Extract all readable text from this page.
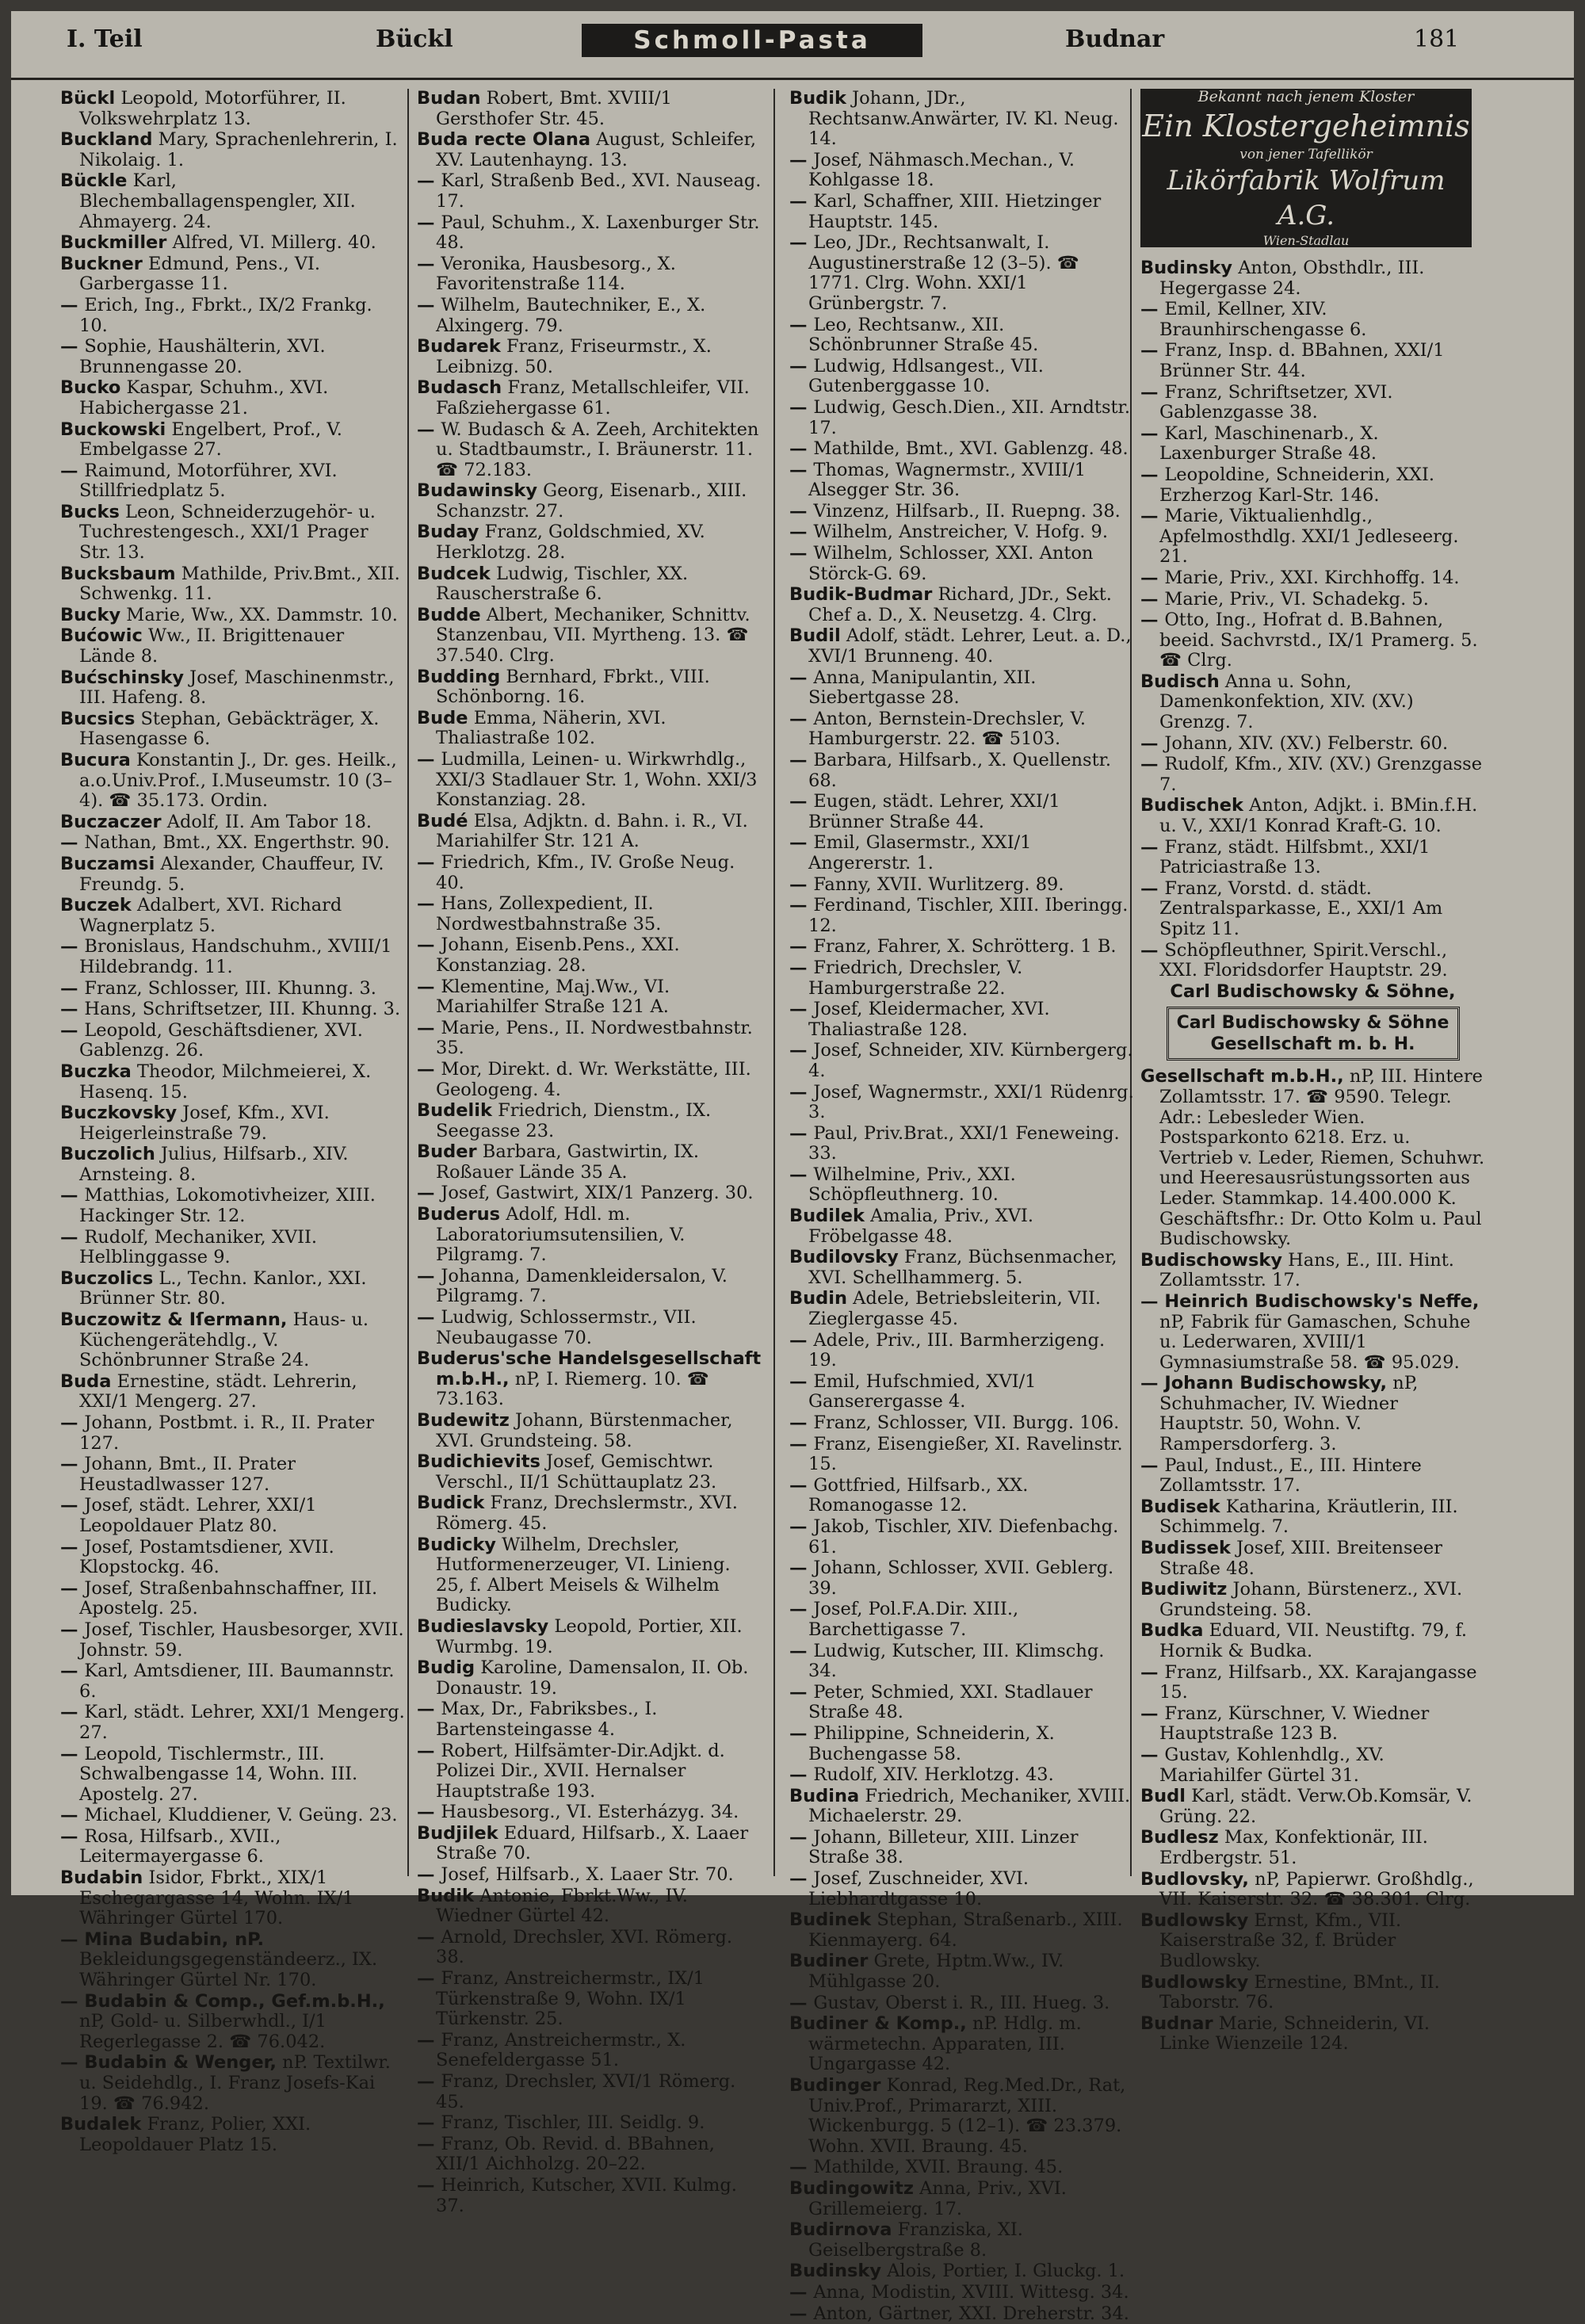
I. Teil	Bückl	Schmoll-Pasta	Budnar	181
Bückl Leopold, Motorführer, II. Volkswehrplatz 13.
Buckland Mary, Sprachenlehrerin, I. Nikolaig. 1.
Bückle Karl, Blechemballagenspengler, XII. Ahmayerg. 24.
Buckmiller Alfred, VI. Millerg. 40.
Buckner Edmund, Pens., VI. Garbergasse 11.
— Erich, Ing., Fbrkt., IX/2 Frankg. 10.
— Sophie, Haushälterin, XVI. Brunnengasse 20.
Bucko Kaspar, Schuhm., XVI. Habichergasse 21.
Buckowski Engelbert, Prof., V. Embelgasse 27.
— Raimund, Motorführer, XVI. Stillfriedplatz 5.
Bucks Leon, Schneiderzugehör- u. Tuchrestengesch., XXI/1 Prager Str. 13.
Bucksbaum Mathilde, Priv.Bmt., XII. Schwenkg. 11.
Bucky Marie, Ww., XX. Dammstr. 10.
Bućowic Ww., II. Brigittenauer Lände 8.
Bućschinsky Josef, Maschinenmstr., III. Hafeng. 8.
Bucsics Stephan, Gebäckträger, X. Hasengasse 6.
Bucura Konstantin J., Dr. ges. Heilk., a.o.Univ.Prof., I.Museumstr. 10 (3–4). ☎ 35.173. Ordin.
Buczaczer Adolf, II. Am Tabor 18.
— Nathan, Bmt., XX. Engerthstr. 90.
Buczamsi Alexander, Chauffeur, IV. Freundg. 5.
Buczek Adalbert, XVI. Richard Wagnerplatz 5.
— Bronislaus, Handschuhm., XVIII/1 Hildebrandg. 11.
— Franz, Schlosser, III. Khunng. 3.
— Hans, Schriftsetzer, III. Khunng. 3.
— Leopold, Geschäftsdiener, XVI. Gablenzg. 26.
Buczka Theodor, Milchmeierei, X. Hasenq. 15.
Buczkovsky Josef, Kfm., XVI. Heigerleinstraße 79.
Buczolich Julius, Hilfsarb., XIV. Arnsteing. 8.
— Matthias, Lokomotivheizer, XIII. Hackinger Str. 12.
— Rudolf, Mechaniker, XVII. Helblinggasse 9.
Buczolics L., Techn. Kanlor., XXI. Brünner Str. 80.
Buczowitz & Iſermann, Haus- u. Küchengerätehdlg., V. Schönbrunner Straße 24.
Buda Ernestine, städt. Lehrerin, XXI/1 Mengerg. 27.
— Johann, Postbmt. i. R., II. Prater 127.
— Johann, Bmt., II. Prater Heustadlwasser 127.
— Josef, städt. Lehrer, XXI/1 Leopoldauer Platz 80.
— Josef, Postamtsdiener, XVII. Klopstockg. 46.
— Josef, Straßenbahnschaffner, III. Apostelg. 25.
— Josef, Tischler, Hausbesorger, XVII. Johnstr. 59.
— Karl, Amtsdiener, III. Baumannstr. 6.
— Karl, städt. Lehrer, XXI/1 Mengerg. 27.
— Leopold, Tischlermstr., III. Schwalbengasse 14, Wohn. III. Apostelg. 27.
— Michael, Kluddiener, V. Geüng. 23.
— Rosa, Hilfsarb., XVII., Leitermayergasse 6.
Budabin Isidor, Fbrkt., XIX/1 Eschegargasse 14, Wohn. IX/1 Währinger Gürtel 170.
— Mina Budabin, nP. Bekleidungsgegenständeerz., IX. Währinger Gürtel Nr. 170.
— Budabin & Comp., Gef.m.b.H., nP, Gold- u. Silberwhdl., I/1 Regerlegasse 2. ☎ 76.042.
— Budabin & Wenger, nP. Textilwr. u. Seidehdlg., I. Franz Josefs-Kai 19. ☎ 76.942.
Budalek Franz, Polier, XXI. Leopoldauer Platz 15.
Budan Robert, Bmt. XVIII/1 Gersthofer Str. 45.
Buda recte Olana August, Schleifer, XV. Lautenhayng. 13.
— Karl, Straßenb Bed., XVI. Nauseag. 17.
— Paul, Schuhm., X. Laxenburger Str. 48.
— Veronika, Hausbesorg., X. Favoritenstraße 114.
— Wilhelm, Bautechniker, E., X. Alxingerg. 79.
Budarek Franz, Friseurmstr., X. Leibnizg. 50.
Budasch Franz, Metallschleifer, VII. Faßziehergasse 61.
— W. Budasch & A. Zeeh, Architekten u. Stadtbaumstr., I. Bräunerstr. 11. ☎ 72.183.
Budawinsky Georg, Eisenarb., XIII. Schanzstr. 27.
Buday Franz, Goldschmied, XV. Herklotzg. 28.
Budcek Ludwig, Tischler, XX. Rauscherstraße 6.
Budde Albert, Mechaniker, Schnittv. Stanzenbau, VII. Myrtheng. 13. ☎ 37.540. Clrg.
Budding Bernhard, Fbrkt., VIII. Schönborng. 16.
Bude Emma, Näherin, XVI. Thaliastraße 102.
— Ludmilla, Leinen- u. Wirkwrhdlg., XXI/3 Stadlauer Str. 1, Wohn. XXI/3 Konstanziag. 28.
Budé Elsa, Adjktn. d. Bahn. i. R., VI. Mariahilfer Str. 121 A.
— Friedrich, Kfm., IV. Große Neug. 40.
— Hans, Zollexpedient, II. Nordwestbahnstraße 35.
— Johann, Eisenb.Pens., XXI. Konstanziag. 28.
— Klementine, Maj.Ww., VI. Mariahilfer Straße 121 A.
— Marie, Pens., II. Nordwestbahnstr. 35.
— Mor, Direkt. d. Wr. Werkstätte, III. Geologeng. 4.
Budelik Friedrich, Dienstm., IX. Seegasse 23.
Buder Barbara, Gastwirtin, IX. Roßauer Lände 35 A.
— Josef, Gastwirt, XIX/1 Panzerg. 30.
Buderus Adolf, Hdl. m. Laboratoriumsutensilien, V. Pilgramg. 7.
— Johanna, Damenkleidersalon, V. Pilgramg. 7.
— Ludwig, Schlossermstr., VII. Neubaugasse 70.
Buderus'sche Handelsgesellschaft m.b.H., nP, I. Riemerg. 10. ☎ 73.163.
Budewitz Johann, Bürstenmacher, XVI. Grundsteing. 58.
Budichievits Josef, Gemischtwr. Verschl., II/1 Schüttauplatz 23.
Budick Franz, Drechslermstr., XVI. Römerg. 45.
Budicky Wilhelm, Drechsler, Hutformenerzeuger, VI. Linieng. 25, f. Albert Meisels & Wilhelm Budicky.
Budieslavsky Leopold, Portier, XII. Wurmbg. 19.
Budig Karoline, Damensalon, II. Ob. Donaustr. 19.
— Max, Dr., Fabriksbes., I. Bartensteingasse 4.
— Robert, Hilfsämter-Dir.Adjkt. d. Polizei Dir., XVII. Hernalser Hauptstraße 193.
— Hausbesorg., VI. Esterházyg. 34.
Budjilek Eduard, Hilfsarb., X. Laaer Straße 70.
— Josef, Hilfsarb., X. Laaer Str. 70.
Budik Antonie, Fbrkt.Ww., IV. Wiedner Gürtel 42.
— Arnold, Drechsler, XVI. Römerg. 38.
— Franz, Anstreichermstr., IX/1 Türkenstraße 9, Wohn. IX/1 Türkenstr. 25.
— Franz, Anstreichermstr., X. Senefeldergasse 51.
— Franz, Drechsler, XVI/1 Römerg. 45.
— Franz, Tischler, III. Seidlg. 9.
— Franz, Ob. Revid. d. BBahnen, XII/1 Aichholzg. 20–22.
— Heinrich, Kutscher, XVII. Kulmg. 37.
Budik Johann, JDr., Rechtsanw.Anwärter, IV. Kl. Neug. 14.
— Josef, Nähmasch.Mechan., V. Kohlgasse 18.
— Karl, Schaffner, XIII. Hietzinger Hauptstr. 145.
— Leo, JDr., Rechtsanwalt, I. Augustinerstraße 12 (3–5). ☎ 1771. Clrg. Wohn. XXI/1 Grünbergstr. 7.
— Leo, Rechtsanw., XII. Schönbrunner Straße 45.
— Ludwig, Hdlsangest., VII. Gutenberggasse 10.
— Ludwig, Gesch.Dien., XII. Arndtstr. 17.
— Mathilde, Bmt., XVI. Gablenzg. 48.
— Thomas, Wagnermstr., XVIII/1 Alsegger Str. 36.
— Vinzenz, Hilfsarb., II. Ruepng. 38.
— Wilhelm, Anstreicher, V. Hofg. 9.
— Wilhelm, Schlosser, XXI. Anton Störck-G. 69.
Budik-Budmar Richard, JDr., Sekt. Chef a. D., X. Neusetzg. 4. Clrg.
Budil Adolf, städt. Lehrer, Leut. a. D., XVI/1 Brunneng. 40.
— Anna, Manipulantin, XII. Siebertgasse 28.
— Anton, Bernstein-Drechsler, V. Hamburgerstr. 22. ☎ 5103.
— Barbara, Hilfsarb., X. Quellenstr. 68.
— Eugen, städt. Lehrer, XXI/1 Brünner Straße 44.
— Emil, Glasermstr., XXI/1 Angererstr. 1.
— Fanny, XVII. Wurlitzerg. 89.
— Ferdinand, Tischler, XIII. Iberingg. 12.
— Franz, Fahrer, X. Schrötterg. 1 B.
— Friedrich, Drechsler, V. Hamburgerstraße 22.
— Josef, Kleidermacher, XVI. Thaliastraße 128.
— Josef, Schneider, XIV. Kürnbergerg. 4.
— Josef, Wagnermstr., XXI/1 Rüdenrg. 3.
— Paul, Priv.Brat., XXI/1 Feneweing. 33.
— Wilhelmine, Priv., XXI. Schöpfleuthnerg. 10.
Budilek Amalia, Priv., XVI. Fröbelgasse 48.
Budilovsky Franz, Büchsenmacher, XVI. Schellhammerg. 5.
Budin Adele, Betriebsleiterin, VII. Zieglergasse 45.
— Adele, Priv., III. Barmherzigeng. 19.
— Emil, Hufschmied, XVI/1 Ganserergasse 4.
— Franz, Schlosser, VII. Burgg. 106.
— Franz, Eisengießer, XI. Ravelinstr. 15.
— Gottfried, Hilfsarb., XX. Romanogasse 12.
— Jakob, Tischler, XIV. Diefenbachg. 61.
— Johann, Schlosser, XVII. Geblerg. 39.
— Josef, Pol.F.A.Dir. XIII., Barchettigasse 7.
— Ludwig, Kutscher, III. Klimschg. 34.
— Peter, Schmied, XXI. Stadlauer Straße 48.
— Philippine, Schneiderin, X. Buchengasse 58.
— Rudolf, XIV. Herklotzg. 43.
Budina Friedrich, Mechaniker, XVIII. Michaelerstr. 29.
— Johann, Billeteur, XIII. Linzer Straße 38.
— Josef, Zuschneider, XVI. Liebhardtgasse 10.
Budinek Stephan, Straßenarb., XIII. Kienmayerg. 64.
Budiner Grete, Hptm.Ww., IV. Mühlgasse 20.
— Gustav, Oberst i. R., III. Hueg. 3.
Budiner & Komp., nP. Hdlg. m. wärmetechn. Apparaten, III. Ungargasse 42.
Budinger Konrad, Reg.Med.Dr., Rat, Univ.Prof., Primararzt, XIII. Wickenburgg. 5 (12–1). ☎ 23.379. Wohn. XVII. Braung. 45.
— Mathilde, XVII. Braung. 45.
Budingowitz Anna, Priv., XVI. Grillemeierg. 17.
Budirnova Franziska, XI. Geiselbergstraße 8.
Budinsky Alois, Portier, I. Gluckg. 1.
— Anna, Modistin, XVIII. Wittesg. 34.
— Anton, Gärtner, XXI. Dreherstr. 34.
Bekannt nach jenem Kloster
Ein Klostergeheimnis
von jener Tafellikör
Likörfabrik Wolfrum A.G.
Wien-Stadlau
Budinsky Anton, Obsthdlr., III. Hegergasse 24.
— Emil, Kellner, XIV. Braunhirschengasse 6.
— Franz, Insp. d. BBahnen, XXI/1 Brünner Str. 44.
— Franz, Schriftsetzer, XVI. Gablenzgasse 38.
— Karl, Maschinenarb., X. Laxenburger Straße 48.
— Leopoldine, Schneiderin, XXI. Erzherzog Karl-Str. 146.
— Marie, Viktualienhdlg., Apfelmosthdlg. XXI/1 Jedleseerg. 21.
— Marie, Priv., XXI. Kirchhoffg. 14.
— Marie, Priv., VI. Schadekg. 5.
— Otto, Ing., Hofrat d. B.Bahnen, beeid. Sachvrstd., IX/1 Pramerg. 5. ☎ Clrg.
Budisch Anna u. Sohn, Damenkonfektion, XIV. (XV.) Grenzg. 7.
— Johann, XIV. (XV.) Felberstr. 60.
— Rudolf, Kfm., XIV. (XV.) Grenzgasse 7.
Budischek Anton, Adjkt. i. BMin.f.H. u. V., XXI/1 Konrad Kraft-G. 10.
— Franz, städt. Hilfsbmt., XXI/1 Patriciastraße 13.
— Franz, Vorstd. d. städt. Zentralsparkasse, E., XXI/1 Am Spitz 11.
— Schöpfleuthner, Spirit.Verschl., XXI. Floridsdorfer Hauptstr. 29.
Carl Budischowsky & Söhne,
Carl Budischowsky & Söhne
Gesellschaft m. b. H.
Gesellschaft m.b.H., nP, III. Hintere Zollamtsstr. 17. ☎ 9590. Telegr. Adr.: Lebesleder Wien. Postsparkonto 6218. Erz. u. Vertrieb v. Leder, Riemen, Schuhwr. und Heeresausrüstungssorten aus Leder. Stammkap. 14.400.000 K. Geschäftsfhr.: Dr. Otto Kolm u. Paul Budischowsky.
Budischowsky Hans, E., III. Hint. Zollamtsstr. 17.
— Heinrich Budischowsky's Neffe, nP, Fabrik für Gamaschen, Schuhe u. Lederwaren, XVIII/1 Gymnasiumstraße 58. ☎ 95.029.
— Johann Budischowsky, nP, Schuhmacher, IV. Wiedner Hauptstr. 50, Wohn. V. Rampersdorferg. 3.
— Paul, Indust., E., III. Hintere Zollamtsstr. 17.
Budisek Katharina, Kräutlerin, III. Schimmelg. 7.
Budissek Josef, XIII. Breitenseer Straße 48.
Budiwitz Johann, Bürstenerz., XVI. Grundsteing. 58.
Budka Eduard, VII. Neustiftg. 79, f. Hornik & Budka.
— Franz, Hilfsarb., XX. Karajangasse 15.
— Franz, Kürschner, V. Wiedner Hauptstraße 123 B.
— Gustav, Kohlenhdlg., XV. Mariahilfer Gürtel 31.
Budl Karl, städt. Verw.Ob.Komsär, V. Grüng. 22.
Budlesz Max, Konfektionär, III. Erdbergstr. 51.
Budlovsky, nP, Papierwr. Großhdlg., VII. Kaiserstr. 32. ☎ 38.301. Clrg.
Budlowsky Ernst, Kfm., VII. Kaiserstraße 32, f. Brüder Budlowsky.
Budlowsky Ernestine, BMnt., II. Taborstr. 76.
Budnar Marie, Schneiderin, VI. Linke Wienzeile 124.
